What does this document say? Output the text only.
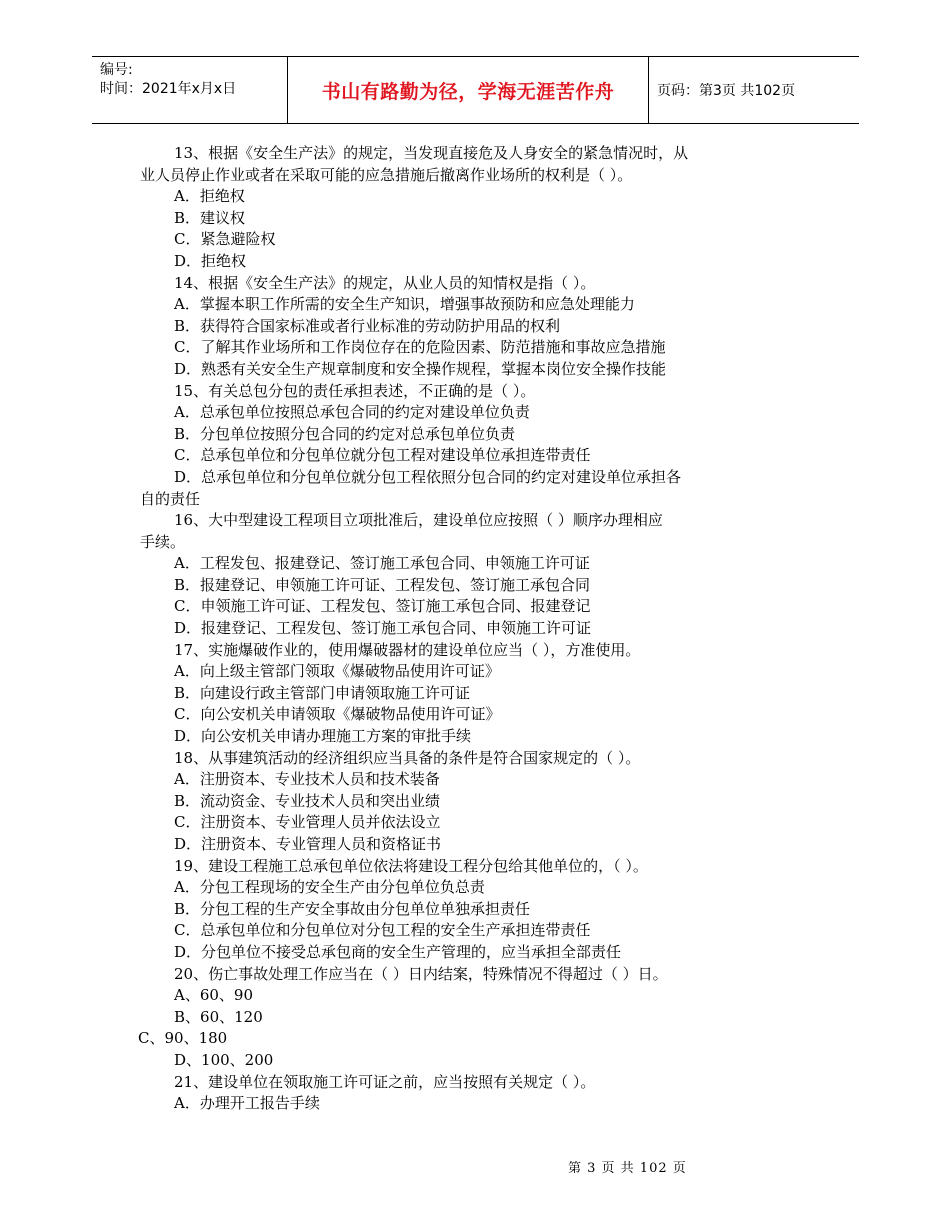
编号:
时间：2021年x月x日	书山有路勤为径，学海无涯苦作舟	页码：第3页 共102页
13、根据《安全生产法》的规定，当发现直接危及人身安全的紧急情况时，从
业人员停止作业或者在采取可能的应急措施后撤离作业场所的权利是（ ）。
A．拒绝权
B．建议权
C．紧急避险权
D．拒绝权
14、根据《安全生产法》的规定，从业人员的知情权是指（ ）。
A．掌握本职工作所需的安全生产知识，增强事故预防和应急处理能力
B．获得符合国家标准或者行业标准的劳动防护用品的权利
C．了解其作业场所和工作岗位存在的危险因素、防范措施和事故应急措施
D．熟悉有关安全生产规章制度和安全操作规程，掌握本岗位安全操作技能
15、有关总包分包的责任承担表述，不正确的是（ ）。
A．总承包单位按照总承包合同的约定对建设单位负责
B．分包单位按照分包合同的约定对总承包单位负责
C．总承包单位和分包单位就分包工程对建设单位承担连带责任
D．总承包单位和分包单位就分包工程依照分包合同的约定对建设单位承担各
自的责任
16、大中型建设工程项目立项批准后，建设单位应按照（ ）顺序办理相应
手续。
A．工程发包、报建登记、签订施工承包合同、申领施工许可证
B．报建登记、申领施工许可证、工程发包、签订施工承包合同
C．申领施工许可证、工程发包、签订施工承包合同、报建登记
D．报建登记、工程发包、签订施工承包合同、申领施工许可证
17、实施爆破作业的，使用爆破器材的建设单位应当（ ），方准使用。
A．向上级主管部门领取《爆破物品使用许可证》
B．向建设行政主管部门申请领取施工许可证
C．向公安机关申请领取《爆破物品使用许可证》
D．向公安机关申请办理施工方案的审批手续
18、从事建筑活动的经济组织应当具备的条件是符合国家规定的（ ）。
A．注册资本、专业技术人员和技术装备
B．流动资金、专业技术人员和突出业绩
C．注册资本、专业管理人员并依法设立
D．注册资本、专业管理人员和资格证书
19、建设工程施工总承包单位依法将建设工程分包给其他单位的，（ ）。
A．分包工程现场的安全生产由分包单位负总责
B．分包工程的生产安全事故由分包单位单独承担责任
C．总承包单位和分包单位对分包工程的安全生产承担连带责任
D．分包单位不接受总承包商的安全生产管理的，应当承担全部责任
20、伤亡事故处理工作应当在（ ）日内结案，特殊情况不得超过（ ）日。
A、60、90
B、60、120
C、90、180
D、100、200
21、建设单位在领取施工许可证之前，应当按照有关规定（ ）。
A．办理开工报告手续
第 3 页 共 102 页
